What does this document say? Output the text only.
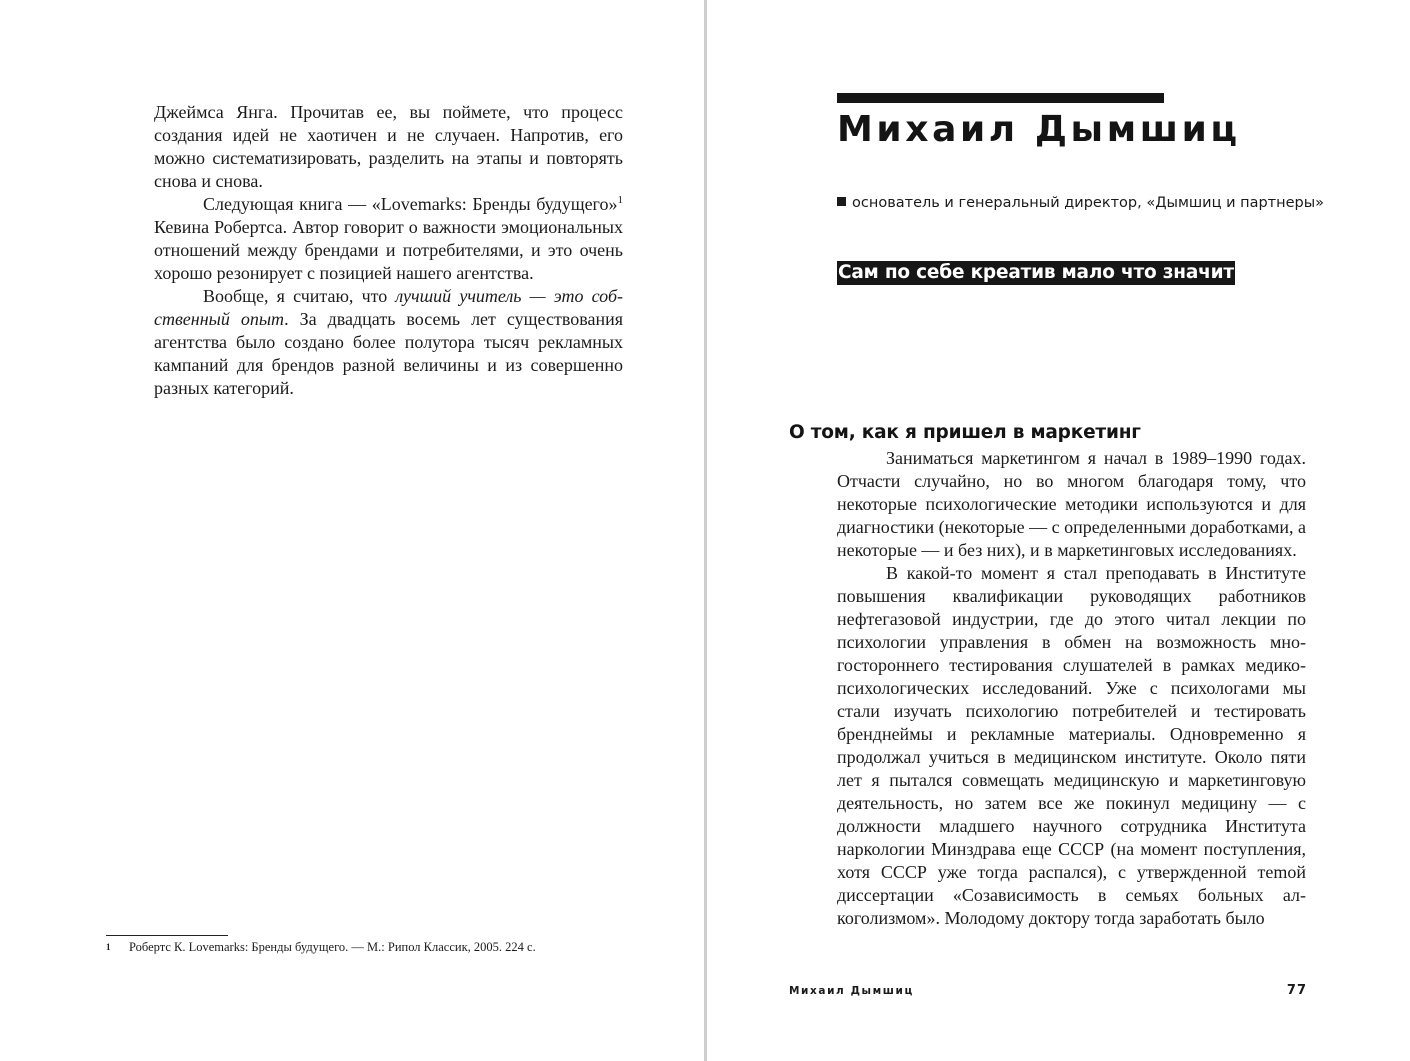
Джеймса Янга. Прочитав ее, вы поймете, что процесс создания идей не хаотичен и не случаен. Напротив, его можно систематизировать, разделить на этапы и повторять снова и снова.

Следующая книга — «Lovemarks: Бренды будущего»$^1$ Кевина Робертса. Автор говорит о важности эмоциональных отношений между брендами и потребителями, и это очень хорошо резонирует с позицией нашего агентства.

Вообще, я считаю, что лучший учитель — это собственный опыт. За двадцать восемь лет существования агентства было создано более полутора тысяч рекламных кампаний для брендов разной величины и из совершенно разных категорий.

1 Робертс К. Lovemarks: Бренды будущего. — М.: Рипол Классик, 2005. 224 с.
Михаил Дымшиц
основатель и генеральный директор, «Дымшиц и партнеры»
Сам по себе креатив мало что значит
О том, как я пришел в маркетинг

Заниматься маркетингом я начал в 1989–1990 годах. Отчасти случайно, но во многом благодаря тому, что некоторые психологические методики используются и для диагностики (некоторые — с определенными доработками, а некоторые — и без них), и в маркетинговых исследованиях.

В какой-то момент я стал преподавать в Институте повышения квалификации руководящих работников нефтегазовой индустрии, где до этого читал лекции по психологии управления в обмен на возможность многостороннего тестирования слушателей в рамках медико-психологических исследований. Уже с психологами мы стали изучать психологию потребителей и тестировать бренднеймы и рекламные материалы. Одновременно я продолжал учиться в медицинском институте. Около пяти лет я пытался совмещать медицинскую и маркетинговую деятельность, но затем все же покинул медицину — с должности младшего научного сотрудника Института наркологии Минздрава еще СССР (на момент поступления, хотя СССР уже тогда распался), с утвержденной теmой диссертации «Созависимость в семьях больных алкоголизмом». Молодому доктору тогда заработать было

Михаил Дымшиц	77
